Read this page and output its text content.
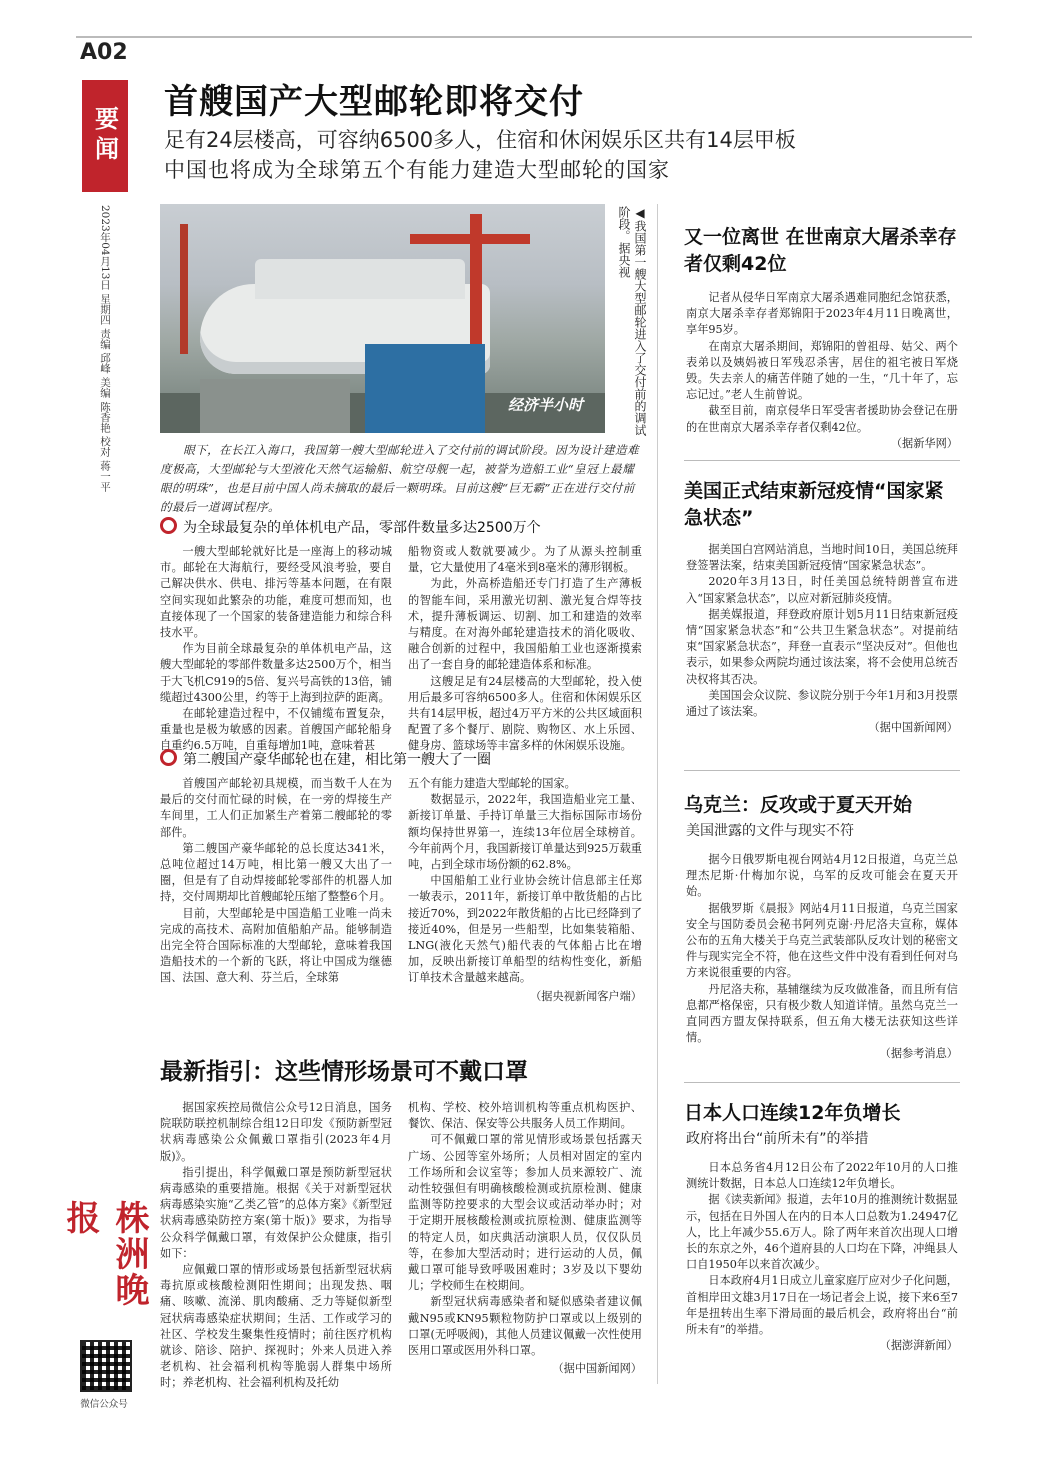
A02
要闻
2023年04月13日 星期四 责编 邱峰 美编 陈香艳 校对 蒋一平
株洲晚报
微信公众号
首艘国产大型邮轮即将交付
足有24层楼高，可容纳6500多人，住宿和休闲娱乐区共有14层甲板
中国也将成为全球第五个有能力建造大型邮轮的国家
经济半小时	◀我国第一艘大型邮轮进入了交付前的调试阶段。据央视
眼下，在长江入海口，我国第一艘大型邮轮进入了交付前的调试阶段。因为设计建造难度极高，大型邮轮与大型液化天然气运输船、航空母舰一起，被誉为造船工业“皇冠上最耀眼的明珠”，也是目前中国人尚未摘取的最后一颗明珠。目前这艘“巨无霸”正在进行交付前的最后一道调试程序。
为全球最复杂的单体机电产品，零部件数量多达2500万个

一艘大型邮轮就好比是一座海上的移动城市。邮轮在大海航行，要经受风浪考验，要自己解决供水、供电、排污等基本问题，在有限空间实现如此繁杂的功能，难度可想而知，也直接体现了一个国家的装备建造能力和综合科技水平。

作为目前全球最复杂的单体机电产品，这艘大型邮轮的零部件数量多达2500万个，相当于大飞机C919的5倍、复兴号高铁的13倍，铺缆超过4300公里，约等于上海到拉萨的距离。

在邮轮建造过程中，不仅铺缆布置复杂，重量也是极为敏感的因素。首艘国产邮轮船身自重约6.5万吨，自重每增加1吨，意味着甚

船物资或人数就要减少。为了从源头控制重量，它大量使用了4毫米到8毫米的薄形钢板。

为此，外高桥造船还专门打造了生产薄板的智能车间，采用激光切割、激光复合焊等技术，提升薄板调运、切割、加工和建造的效率与精度。在对海外邮轮建造技术的消化吸收、融合创新的过程中，我国船舶工业也逐渐摸索出了一套自身的邮轮建造体系和标准。

这艘足足有24层楼高的大型邮轮，投入使用后最多可容纳6500多人。住宿和休闲娱乐区共有14层甲板，超过4万平方米的公共区域面积配置了多个餐厅、剧院、购物区、水上乐园、健身房、篮球场等丰富多样的休闲娱乐设施。

第二艘国产豪华邮轮也在建，相比第一艘大了一圈

首艘国产邮轮初具规模，而当数千人在为最后的交付而忙碌的时候，在一旁的焊接生产车间里，工人们正加紧生产着第二艘邮轮的零部件。

第二艘国产豪华邮轮的总长度达341米，总吨位超过14万吨，相比第一艘又大出了一圈，但是有了自动焊接邮轮零部件的机器人加持，交付周期却比首艘邮轮压缩了整整6个月。

目前，大型邮轮是中国造船工业唯一尚未完成的高技术、高附加值船舶产品。能够制造出完全符合国际标准的大型邮轮，意味着我国造船技术的一个新的飞跃，将让中国成为继德国、法国、意大利、芬兰后，全球第

五个有能力建造大型邮轮的国家。

数据显示，2022年，我国造船业完工量、新接订单量、手持订单量三大指标国际市场份额均保持世界第一，连续13年位居全球榜首。今年前两个月，我国新接订单量达到925万载重吨，占到全球市场份额的62.8%。

中国船舶工业行业协会统计信息部主任郑一敏表示，2011年，新接订单中散货船的占比接近70%，到2022年散货船的占比已经降到了接近40%，但是另一些船型，比如集装箱船、LNG(液化天然气)船代表的气体船占比在增加，反映出新接订单船型的结构性变化，新船订单技术含量越来越高。

（据央视新闻客户端）

最新指引：这些情形场景可不戴口罩

据国家疾控局微信公众号12日消息，国务院联防联控机制综合组12日印发《预防新型冠状病毒感染公众佩戴口罩指引(2023年4月版)》。

指引提出，科学佩戴口罩是预防新型冠状病毒感染的重要措施。根据《关于对新型冠状病毒感染实施“乙类乙管”的总体方案》《新型冠状病毒感染防控方案(第十版)》要求，为指导公众科学佩戴口罩，有效保护公众健康，指引如下：

应佩戴口罩的情形或场景包括新型冠状病毒抗原或核酸检测阳性期间；出现发热、咽痛、咳嗽、流涕、肌肉酸痛、乏力等疑似新型冠状病毒感染症状期间；生活、工作或学习的社区、学校发生聚集性疫情时；前往医疗机构就诊、陪诊、陪护、探视时；外来人员进入养老机构、社会福利机构等脆弱人群集中场所时；养老机构、社会福利机构及托幼

机构、学校、校外培训机构等重点机构医护、餐饮、保洁、保安等公共服务人员工作期间。

可不佩戴口罩的常见情形或场景包括露天广场、公园等室外场所；人员相对固定的室内工作场所和会议室等；参加人员来源较广、流动性较强但有明确核酸检测或抗原检测、健康监测等防控要求的大型会议或活动举办时；对于定期开展核酸检测或抗原检测、健康监测等的特定人员，如庆典活动演职人员，仅仅队员等，在参加大型活动时；进行运动的人员，佩戴口罩可能导致呼吸困难时；3岁及以下婴幼儿；学校师生在校期间。

新型冠状病毒感染者和疑似感染者建议佩戴N95或KN95颗粒物防护口罩或以上级别的口罩(无呼吸阀)，其他人员建议佩戴一次性使用医用口罩或医用外科口罩。

（据中国新闻网）

又一位离世 在世南京大屠杀幸存者仅剩42位

记者从侵华日军南京大屠杀遇难同胞纪念馆获悉，南京大屠杀幸存者郑锦阳于2023年4月11日晚离世，享年95岁。

在南京大屠杀期间，郑锦阳的曾祖母、姑父、两个表弟以及姨妈被日军残忍杀害，居住的祖宅被日军烧毁。失去亲人的痛苦伴随了她的一生，“几十年了，忘忘记过。”老人生前曾说。

截至目前，南京侵华日军受害者援助协会登记在册的在世南京大屠杀幸存者仅剩42位。

（据新华网）

美国正式结束新冠疫情“国家紧急状态”

据美国白宫网站消息，当地时间10日，美国总统拜登签署法案，结束美国新冠疫情“国家紧急状态”。

2020年3月13日，时任美国总统特朗普宣布进入“国家紧急状态”，以应对新冠肺炎疫情。

据美媒报道，拜登政府原计划5月11日结束新冠疫情“国家紧急状态”和“公共卫生紧急状态”。对提前结束“国家紧急状态”，拜登一直表示“坚决反对”。但他也表示，如果参众两院均通过该法案，将不会使用总统否决权将其否决。

美国国会众议院、参议院分别于今年1月和3月投票通过了该法案。

（据中国新闻网）

乌克兰：反攻或于夏天开始
美国泄露的文件与现实不符

据今日俄罗斯电视台网站4月12日报道，乌克兰总理杰尼斯·什梅加尔说，乌军的反攻可能会在夏天开始。

据俄罗斯《晨报》网站4月11日报道，乌克兰国家安全与国防委员会秘书阿列克谢·丹尼洛夫宣称，媒体公布的五角大楼关于乌克兰武装部队反攻计划的秘密文件与现实完全不符，他在这些文件中没有看到任何对乌方来说很重要的内容。

丹尼洛夫称，基辅继续为反攻做准备，而且所有信息都严格保密，只有极少数人知道详情。虽然乌克兰一直同西方盟友保持联系，但五角大楼无法获知这些详情。

（据参考消息）

日本人口连续12年负增长
政府将出台“前所未有”的举措

日本总务省4月12日公布了2022年10月的人口推测统计数据，日本总人口连续12年负增长。

据《读卖新闻》报道，去年10月的推测统计数据显示，包括在日外国人在内的日本人口总数为1.24947亿人，比上年减少55.6万人。除了两年来首次出现人口增长的东京之外，46个道府县的人口均在下降，冲绳县人口自1950年以来首次减少。

日本政府4月1日成立儿童家庭厅应对少子化问题，首相岸田文雄3月17日在一场记者会上说，接下来6至7年是扭转出生率下滑局面的最后机会，政府将出台“前所未有”的举措。

（据澎湃新闻）
